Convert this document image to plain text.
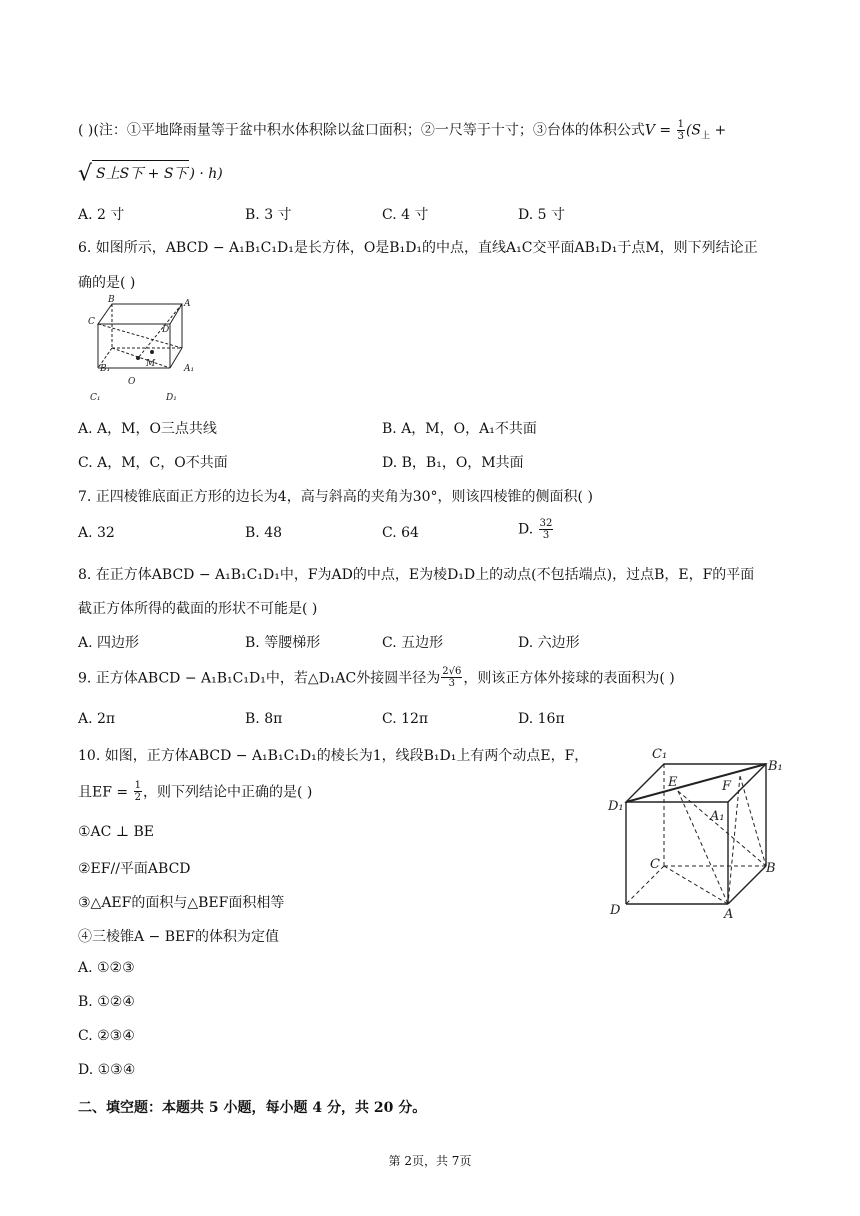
( )(注：①平地降雨量等于盆中积水体积除以盆口面积；②一尺等于十寸；③台体的体积公式$V = \frac{1}{3} (S_上$ +
√ S上S下 + S下 ) · h)
A. 2 寸	B. 3 寸	C. 4 寸	D. 5 寸
6. 如图所示，ABCD − A₁B₁C₁D₁是长方体，O是B₁D₁的中点，直线A₁C交平面AB₁D₁于点M，则下列结论正
确的是( )
B	A
C
D
M
B₁	A₁
O
C₁	D₁
A. A，M，O三点共线	B. A，M，O，A₁不共面
C. A，M，C，O不共面	D. B，B₁，O，M共面
7. 正四棱锥底面正方形的边长为4，高与斜高的夹角为30°，则该四棱锥的侧面积( )
A. 32	B. 48	C. 64	D. $\frac{32}{3}$
8. 在正方体ABCD − A₁B₁C₁D₁中，F为AD的中点，E为棱D₁D上的动点(不包括端点)，过点B，E，F的平面
截正方体所得的截面的形状不可能是( )
A. 四边形	B. 等腰梯形	C. 五边形	D. 六边形
9. 正方体ABCD − A₁B₁C₁D₁中，若△D₁AC外接圆半径为 $\frac{2√6}{3}$ ，则该正方体外接球的表面积为( )
A. 2π	B. 8π	C. 12π	D. 16π
10. 如图，正方体ABCD − A₁B₁C₁D₁的棱长为1，线段B₁D₁上有两个动点E，F，
且EF = $\frac{1}{2}$ ，则下列结论中正确的是( )
①AC ⊥ BE
②EF//平面ABCD
③△AEF的面积与△BEF面积相等
④三棱锥A − BEF的体积为定值
A. ①②③
B. ①②④
C. ②③④
D. ①③④
C₁
B₁
E	F
D₁
A₁
C	B
D	A
二、填空题：本题共 5 小题，每小题 4 分，共 20 分。
第 2页，共 7页
